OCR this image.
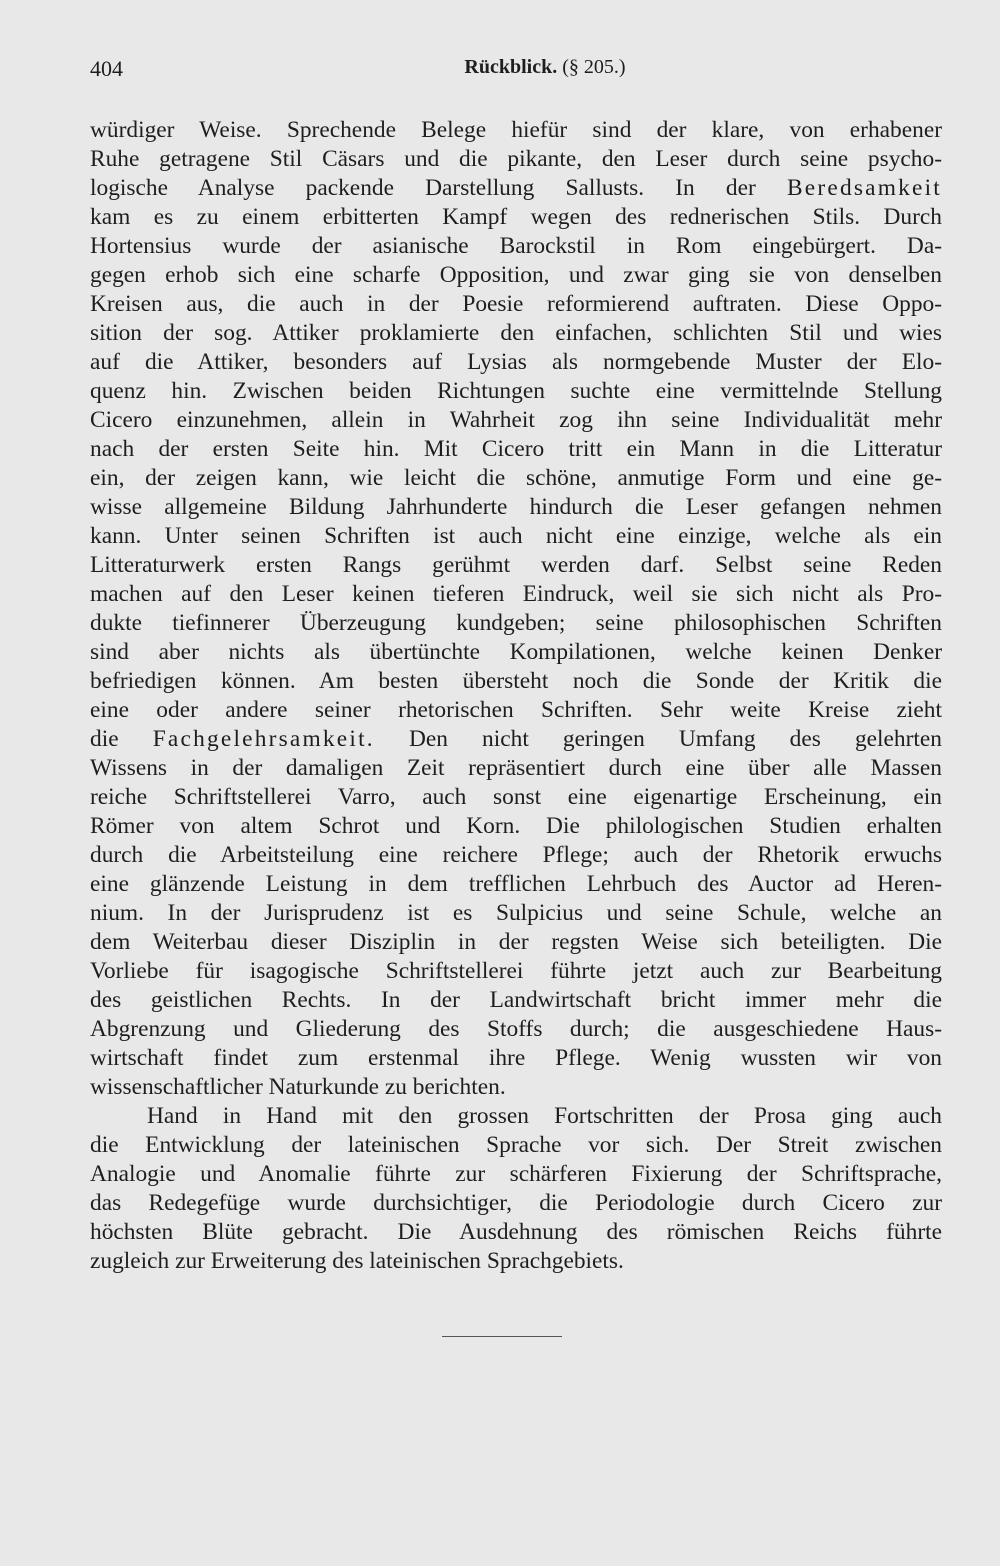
404	Rückblick. (§ 205.)
würdiger Weise. Sprechende Belege hiefür sind der klare, von erhabener
Ruhe getragene Stil Cäsars und die pikante, den Leser durch seine psycho-
logische Analyse packende Darstellung Sallusts. In der Beredsamkeit
kam es zu einem erbitterten Kampf wegen des rednerischen Stils. Durch
Hortensius wurde der asianische Barockstil in Rom eingebürgert. Da-
gegen erhob sich eine scharfe Opposition, und zwar ging sie von denselben
Kreisen aus, die auch in der Poesie reformierend auftraten. Diese Oppo-
sition der sog. Attiker proklamierte den einfachen, schlichten Stil und wies
auf die Attiker, besonders auf Lysias als normgebende Muster der Elo-
quenz hin. Zwischen beiden Richtungen suchte eine vermittelnde Stellung
Cicero einzunehmen, allein in Wahrheit zog ihn seine Individualität mehr
nach der ersten Seite hin. Mit Cicero tritt ein Mann in die Litteratur
ein, der zeigen kann, wie leicht die schöne, anmutige Form und eine ge-
wisse allgemeine Bildung Jahrhunderte hindurch die Leser gefangen nehmen
kann. Unter seinen Schriften ist auch nicht eine einzige, welche als ein
Litteraturwerk ersten Rangs gerühmt werden darf. Selbst seine Reden
machen auf den Leser keinen tieferen Eindruck, weil sie sich nicht als Pro-
dukte tiefinnerer Überzeugung kundgeben; seine philosophischen Schriften
sind aber nichts als übertünchte Kompilationen, welche keinen Denker
befriedigen können. Am besten übersteht noch die Sonde der Kritik die
eine oder andere seiner rhetorischen Schriften. Sehr weite Kreise zieht
die Fachgelehrsamkeit. Den nicht geringen Umfang des gelehrten
Wissens in der damaligen Zeit repräsentiert durch eine über alle Massen
reiche Schriftstellerei Varro, auch sonst eine eigenartige Erscheinung, ein
Römer von altem Schrot und Korn. Die philologischen Studien erhalten
durch die Arbeitsteilung eine reichere Pflege; auch der Rhetorik erwuchs
eine glänzende Leistung in dem trefflichen Lehrbuch des Auctor ad Heren-
nium. In der Jurisprudenz ist es Sulpicius und seine Schule, welche an
dem Weiterbau dieser Disziplin in der regsten Weise sich beteiligten. Die
Vorliebe für isagogische Schriftstellerei führte jetzt auch zur Bearbeitung
des geistlichen Rechts. In der Landwirtschaft bricht immer mehr die
Abgrenzung und Gliederung des Stoffs durch; die ausgeschiedene Haus-
wirtschaft findet zum erstenmal ihre Pflege. Wenig wussten wir von
wissenschaftlicher Naturkunde zu berichten.
Hand in Hand mit den grossen Fortschritten der Prosa ging auch
die Entwicklung der lateinischen Sprache vor sich. Der Streit zwischen
Analogie und Anomalie führte zur schärferen Fixierung der Schriftsprache,
das Redegefüge wurde durchsichtiger, die Periodologie durch Cicero zur
höchsten Blüte gebracht. Die Ausdehnung des römischen Reichs führte
zugleich zur Erweiterung des lateinischen Sprachgebiets.
